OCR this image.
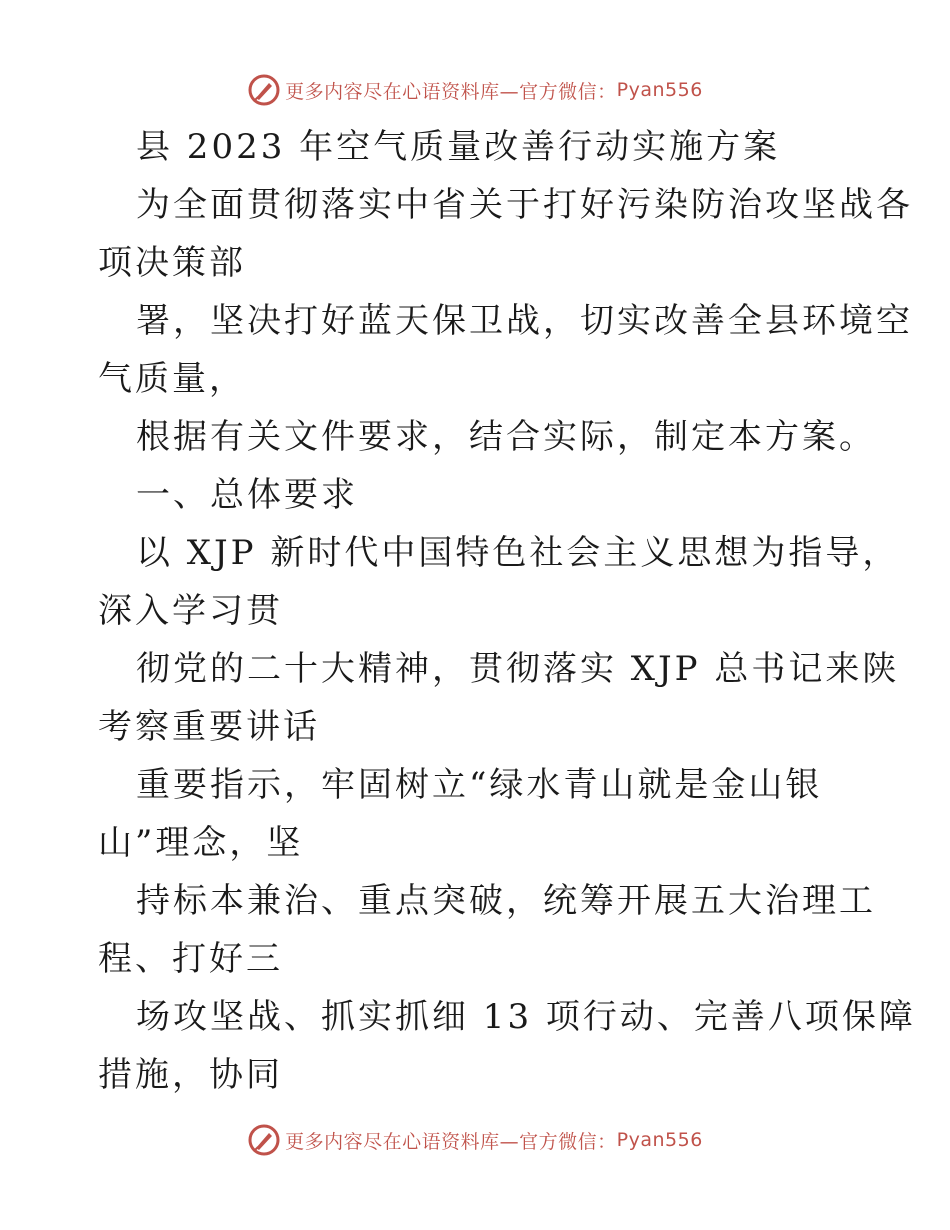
更多内容尽在心语资料库—官方微信： Pyan556
县 2023 年空气质量改善行动实施方案
为全面贯彻落实中省关于打好污染防治攻坚战各
项决策部
署，坚决打好蓝天保卫战，切实改善全县环境空
气质量，
根据有关文件要求，结合实际，制定本方案。
一、总体要求
以 XJP 新时代中国特色社会主义思想为指导，
深入学习贯
彻党的二十大精神，贯彻落实 XJP 总书记来陕
考察重要讲话
重要指示，牢固树立“绿水青山就是金山银
山”理念，坚
持标本兼治、重点突破，统筹开展五大治理工
程、打好三
场攻坚战、抓实抓细 13 项行动、完善八项保障
措施，协同
更多内容尽在心语资料库—官方微信： Pyan556
